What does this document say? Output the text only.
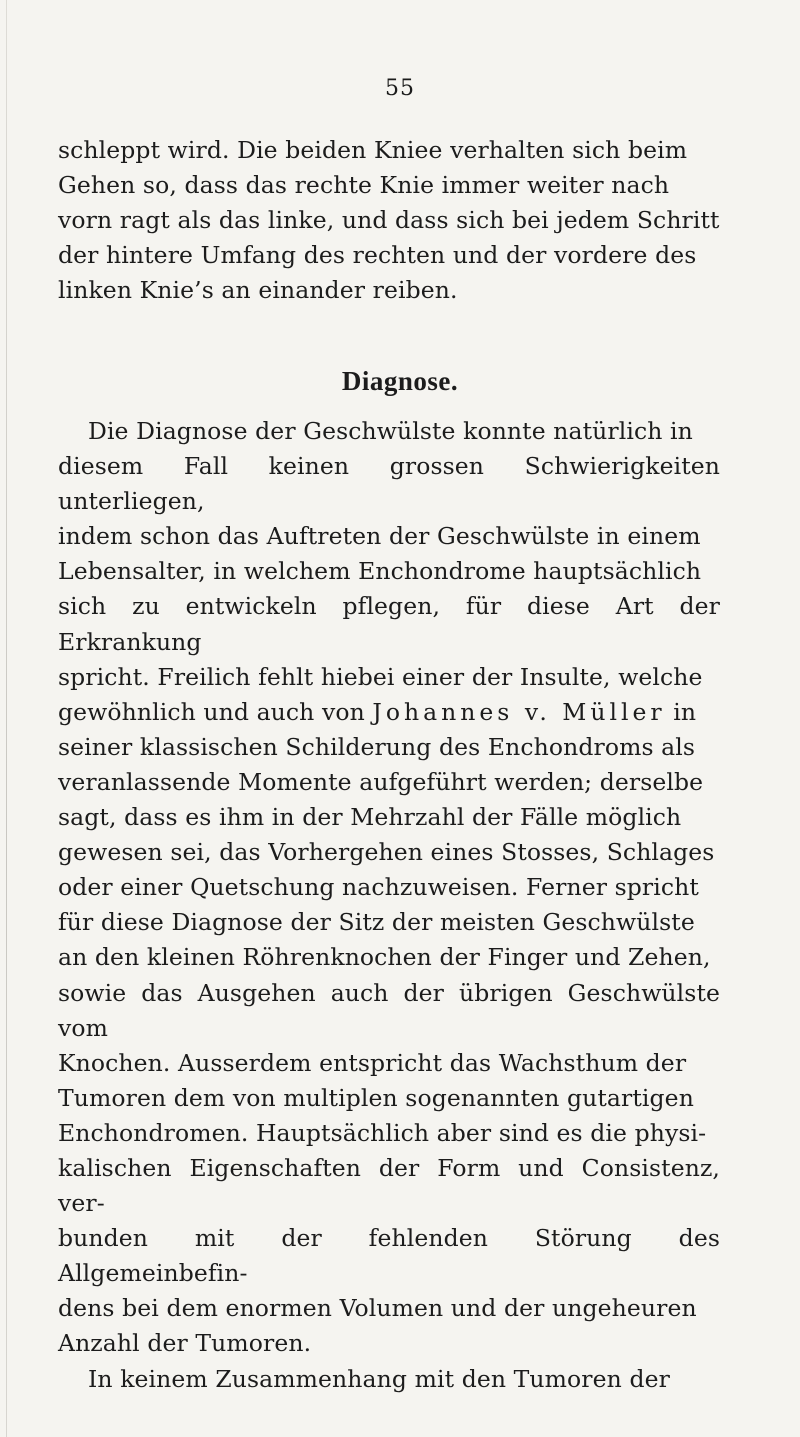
55

schleppt wird. Die beiden Kniee verhalten sich beim

Gehen so, dass das rechte Knie immer weiter nach

vorn ragt als das linke, und dass sich bei jedem Schritt

der hintere Umfang des rechten und der vordere des

linken Knie’s an einander reiben.

Diagnose.

Die Diagnose der Geschwülste konnte natürlich in

diesem Fall keinen grossen Schwierigkeiten unterliegen,

indem schon das Auftreten der Geschwülste in einem

Lebensalter, in welchem Enchondrome hauptsächlich

sich zu entwickeln pflegen, für diese Art der Erkrankung

spricht. Freilich fehlt hiebei einer der Insulte, welche

gewöhnlich und auch von Johannes v. Müller in

seiner klassischen Schilderung des Enchondroms als

veranlassende Momente aufgeführt werden; derselbe

sagt, dass es ihm in der Mehrzahl der Fälle möglich

gewesen sei, das Vorhergehen eines Stosses, Schlages

oder einer Quetschung nachzuweisen. Ferner spricht

für diese Diagnose der Sitz der meisten Geschwülste

an den kleinen Röhrenknochen der Finger und Zehen,

sowie das Ausgehen auch der übrigen Geschwülste vom

Knochen. Ausserdem entspricht das Wachsthum der

Tumoren dem von multiplen sogenannten gutartigen

Enchondromen. Hauptsächlich aber sind es die physi-

kalischen Eigenschaften der Form und Consistenz, ver-

bunden mit der fehlenden Störung des Allgemeinbefin-

dens bei dem enormen Volumen und der ungeheuren

Anzahl der Tumoren.

In keinem Zusammenhang mit den Tumoren der
